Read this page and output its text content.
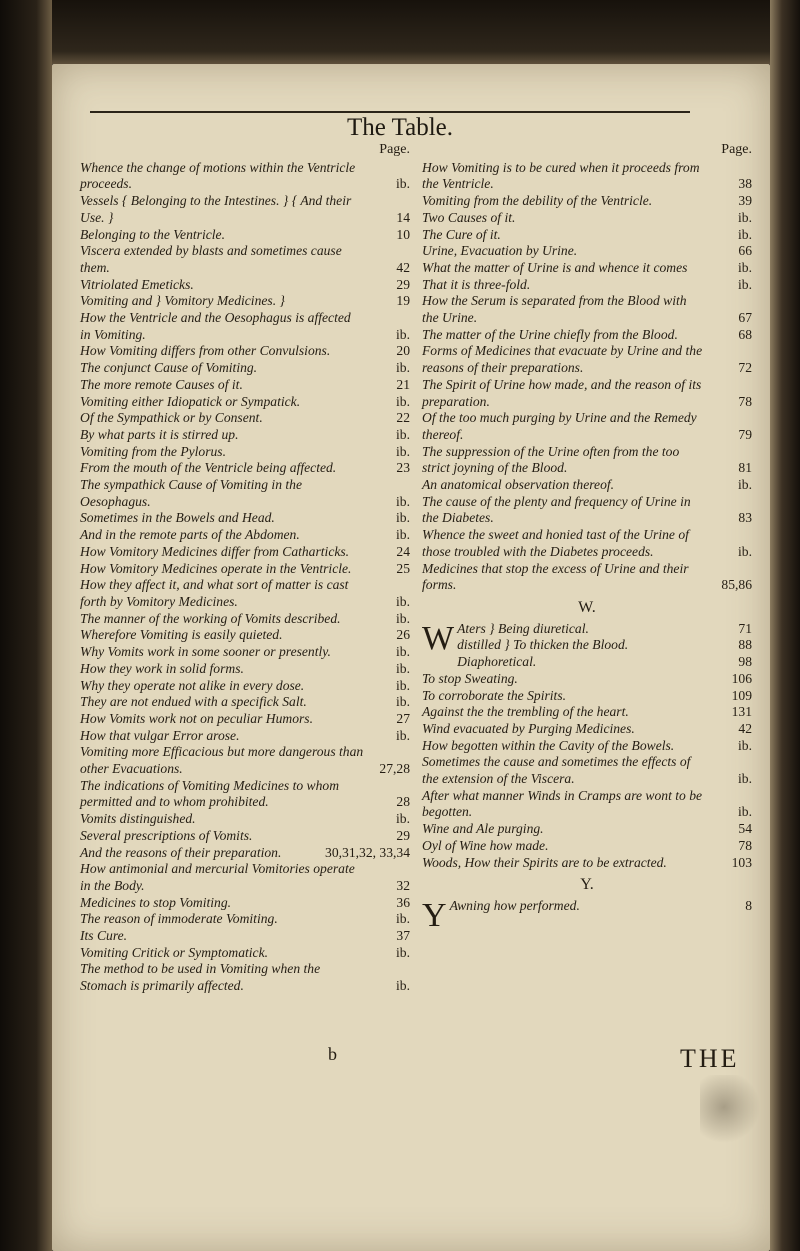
The Table.
Page.
Whence the change of motions within the Ventricle proceeds.	ib.
Vessels { Belonging to the Intestines. } { And their Use. }	14
Belonging to the Ventricle.	10
Viscera extended by blasts and sometimes cause them.	42
Vitriolated Emeticks.	29
Vomiting and } Vomitory Medicines. }	19
How the Ventricle and the Oesophagus is affected in Vomiting.	ib.
How Vomiting differs from other Convulsions.	20
The conjunct Cause of Vomiting.	ib.
The more remote Causes of it.	21
Vomiting either Idiopatick or Sympatick.	ib.
Of the Sympathick or by Consent.	22
By what parts it is stirred up.	ib.
Vomiting from the Pylorus.	ib.
From the mouth of the Ventricle being affected.	23
The sympathick Cause of Vomiting in the Oesophagus.	ib.
Sometimes in the Bowels and Head.	ib.
And in the remote parts of the Abdomen.	ib.
How Vomitory Medicines differ from Catharticks.	24
How Vomitory Medicines operate in the Ventricle.	25
How they affect it, and what sort of matter is cast forth by Vomitory Medicines.	ib.
The manner of the working of Vomits described.	ib.
Wherefore Vomiting is easily quieted.	26
Why Vomits work in some sooner or presently.	ib.
How they work in solid forms.	ib.
Why they operate not alike in every dose.	ib.
They are not endued with a specifick Salt.	ib.
How Vomits work not on peculiar Humors.	27
How that vulgar Error arose.	ib.
Vomiting more Efficacious but more dangerous than other Evacuations.	27,28
The indications of Vomiting Medicines to whom permitted and to whom prohibited.	28
Vomits distinguished.	ib.
Several prescriptions of Vomits.	29
And the reasons of their preparation.	30,31,32, 33,34
How antimonial and mercurial Vomitories operate in the Body.	32
Medicines to stop Vomiting.	36
The reason of immoderate Vomiting.	ib.
Its Cure.	37
Vomiting Critick or Symptomatick.	ib.
The method to be used in Vomiting when the Stomach is primarily affected.	ib.
Page.
How Vomiting is to be cured when it proceeds from the Ventricle.	38
Vomiting from the debility of the Ventricle.	39
Two Causes of it.	ib.
The Cure of it.	ib.
Urine, Evacuation by Urine.	66
What the matter of Urine is and whence it comes	ib.
That it is three-fold.	ib.
How the Serum is separated from the Blood with the Urine.	67
The matter of the Urine chiefly from the Blood.	68
Forms of Medicines that evacuate by Urine and the reasons of their preparations.	72
The Spirit of Urine how made, and the reason of its preparation.	78
Of the too much purging by Urine and the Remedy thereof.	79
The suppression of the Urine often from the too strict joyning of the Blood.	81
An anatomical observation thereof.	ib.
The cause of the plenty and frequency of Urine in the Diabetes.	83
Whence the sweet and honied tast of the Urine of those troubled with the Diabetes proceeds.	ib.
Medicines that stop the excess of Urine and their forms.	85,86
W.
W Aters } Being diuretical.	71
distilled } To thicken the Blood.	88
Diaphoretical.	98
To stop Sweating.	106
To corroborate the Spirits.	109
Against the the trembling of the heart.	131
Wind evacuated by Purging Medicines.	42
How begotten within the Cavity of the Bowels.	ib.
Sometimes the cause and sometimes the effects of the extension of the Viscera.	ib.
After what manner Winds in Cramps are wont to be begotten.	ib.
Wine and Ale purging.	54
Oyl of Wine how made.	78
Woods, How their Spirits are to be extracted.	103
Y.
Y Awning how performed.	8
b	THE
